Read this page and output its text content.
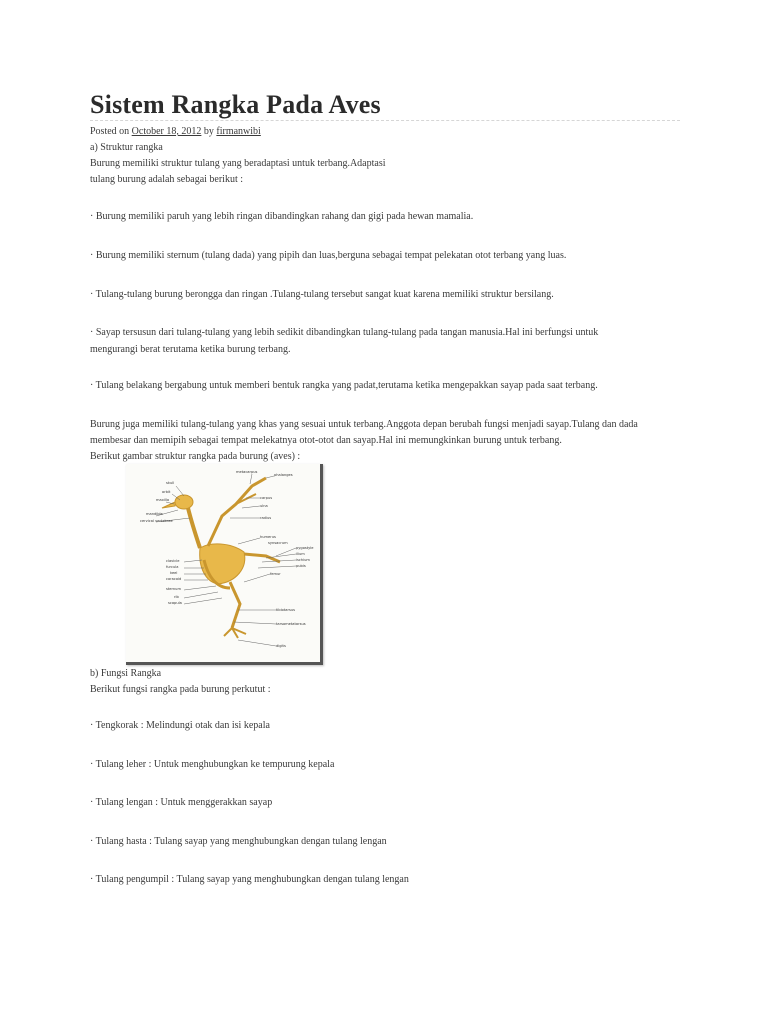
Sistem Rangka Pada Aves
Posted on October 18, 2012 by firmanwibi
a) Struktur rangka
Burung memiliki struktur tulang yang beradaptasi untuk terbang.Adaptasi
tulang burung adalah sebagai berikut :
· Burung memiliki paruh yang lebih ringan dibandingkan rahang dan gigi pada hewan mamalia.
· Burung memiliki sternum (tulang dada) yang pipih dan luas,berguna sebagai tempat pelekatan otot terbang yang luas.
· Tulang-tulang burung berongga dan ringan .Tulang-tulang tersebut sangat kuat karena memiliki struktur bersilang.
· Sayap tersusun dari tulang-tulang yang lebih sedikit dibandingkan tulang-tulang pada tangan manusia.Hal ini berfungsi untuk
mengurangi berat terutama ketika burung terbang.
· Tulang belakang bergabung untuk memberi bentuk rangka yang padat,terutama ketika mengepakkan sayap pada saat terbang.
Burung juga memiliki tulang-tulang yang khas yang sesuai untuk terbang.Anggota depan berubah fungsi menjadi sayap.Tulang dan dada
membesar dan memipih sebagai tempat melekatnya otot-otot dan sayap.Hal ini memungkinkan burung untuk terbang.
Berikut gambar struktur rangka pada burung (aves) :
skull
orbit
maxilla
mandible
cervical vertebrae
clavicle
furcula
keel
coracoid
sternum
rib
scapula
metacarpus
phalanges
carpus
ulna
radius
humerus
synsacrum
pygostyle
ilium
ischium
pubis
femur
tibiotarsus
tarsometatarsus
digits
b) Fungsi Rangka
Berikut fungsi rangka pada burung perkutut :
· Tengkorak : Melindungi otak dan isi kepala
· Tulang leher : Untuk menghubungkan ke tempurung kepala
· Tulang lengan : Untuk menggerakkan sayap
· Tulang hasta : Tulang sayap yang menghubungkan dengan tulang lengan
· Tulang pengumpil : Tulang sayap yang menghubungkan dengan tulang lengan
